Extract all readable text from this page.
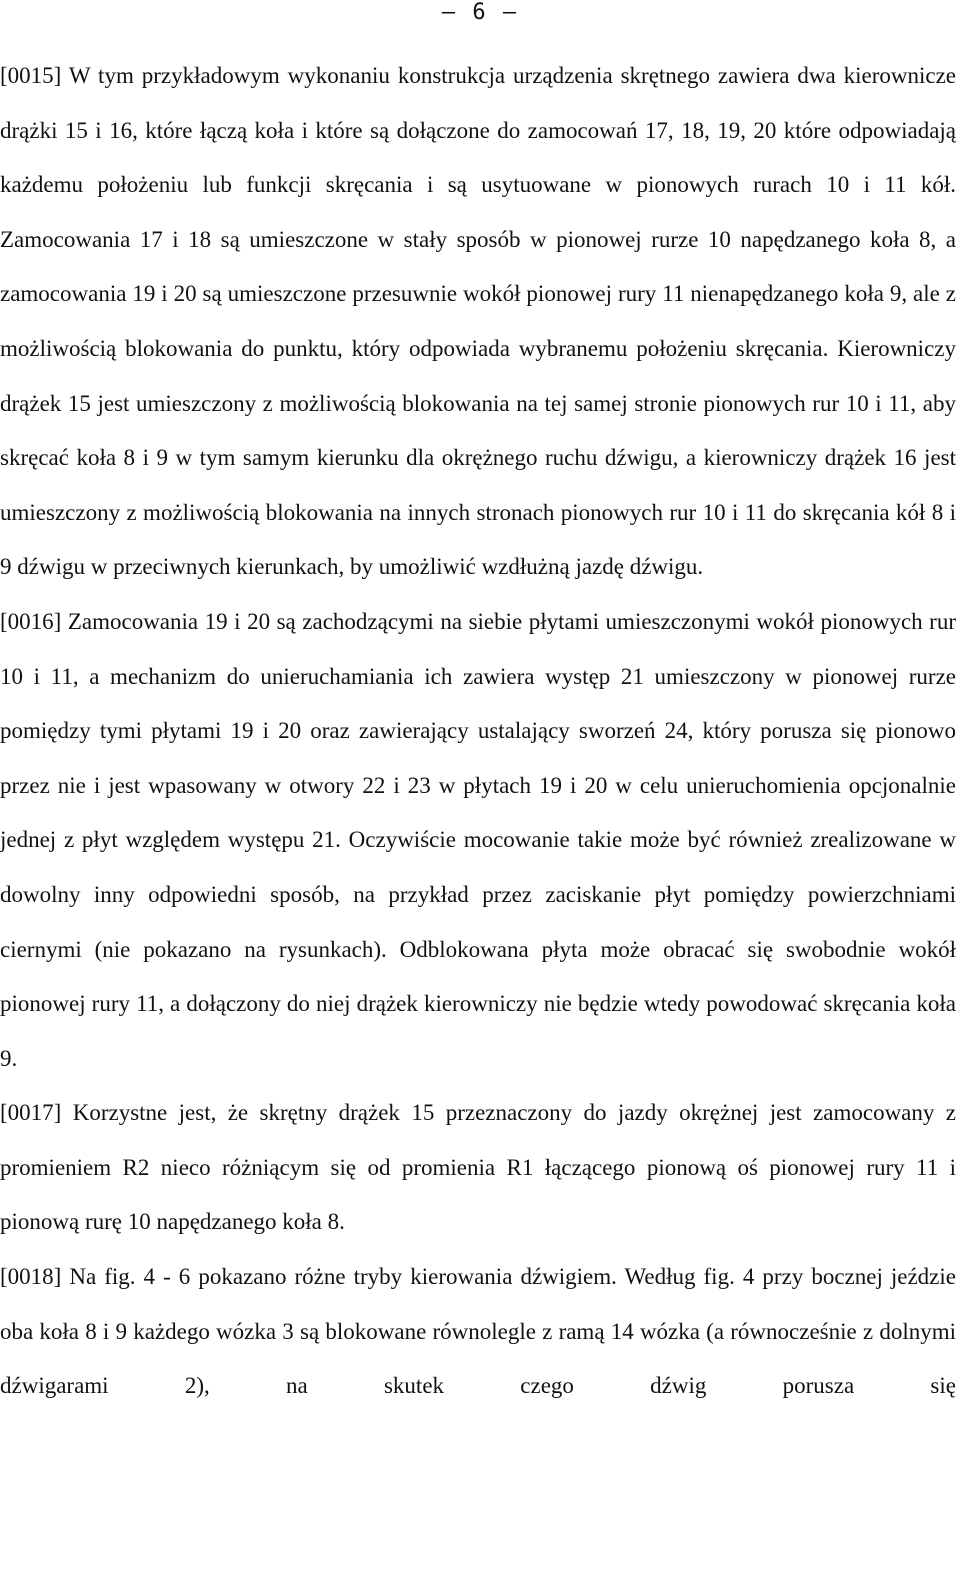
– 6 –

[0015] W tym przykładowym wykonaniu konstrukcja urządzenia skrętnego zawiera dwa kierownicze drążki 15 i 16, które łączą koła i które są dołączone do zamocowań 17, 18, 19, 20 które odpowiadają każdemu położeniu lub funkcji skręcania i są usytuowane w pionowych rurach 10 i 11 kół. Zamocowania 17 i 18 są umieszczone w stały sposób w pionowej rurze 10 napędzanego koła 8, a zamocowania 19 i 20 są umieszczone przesuwnie wokół pionowej rury 11 nienapędzanego koła 9, ale z możliwością blokowania do punktu, który odpowiada wybranemu położeniu skręcania. Kierowniczy drążek 15 jest umieszczony z możliwością blokowania na tej samej stronie pionowych rur 10 i 11, aby skręcać koła 8 i 9 w tym samym kierunku dla okrężnego ruchu dźwigu, a kierowniczy drążek 16 jest umieszczony z możliwością blokowania na innych stronach pionowych rur 10 i 11 do skręcania kół 8 i 9 dźwigu w przeciwnych kierunkach, by umożliwić wzdłużną jazdę dźwigu.

[0016] Zamocowania 19 i 20 są zachodzącymi na siebie płytami umieszczonymi wokół pionowych rur 10 i 11, a mechanizm do unieruchamiania ich zawiera występ 21 umieszczony w pionowej rurze pomiędzy tymi płytami 19 i 20 oraz zawierający ustalający sworzeń 24, który porusza się pionowo przez nie i jest wpasowany w otwory 22 i 23 w płytach 19 i 20 w celu unieruchomienia opcjonalnie jednej z płyt względem występu 21. Oczywiście mocowanie takie może być również zrealizowane w dowolny inny odpowiedni sposób, na przykład przez zaciskanie płyt pomiędzy powierzchniami ciernymi (nie pokazano na rysunkach). Odblokowana płyta może obracać się swobodnie wokół pionowej rury 11, a dołączony do niej drążek kierowniczy nie będzie wtedy powodować skręcania koła 9.

[0017] Korzystne jest, że skrętny drążek 15 przeznaczony do jazdy okrężnej jest zamocowany z promieniem R2 nieco różniącym się od promienia R1 łączącego pionową oś pionowej rury 11 i pionową rurę 10 napędzanego koła 8.

[0018] Na fig. 4 - 6 pokazano różne tryby kierowania dźwigiem. Według fig. 4 przy bocznej jeździe oba koła 8 i 9 każdego wózka 3 są blokowane równolegle z ramą 14 wózka (a równocześnie z dolnymi dźwigarami 2), na skutek czego dźwig porusza się
